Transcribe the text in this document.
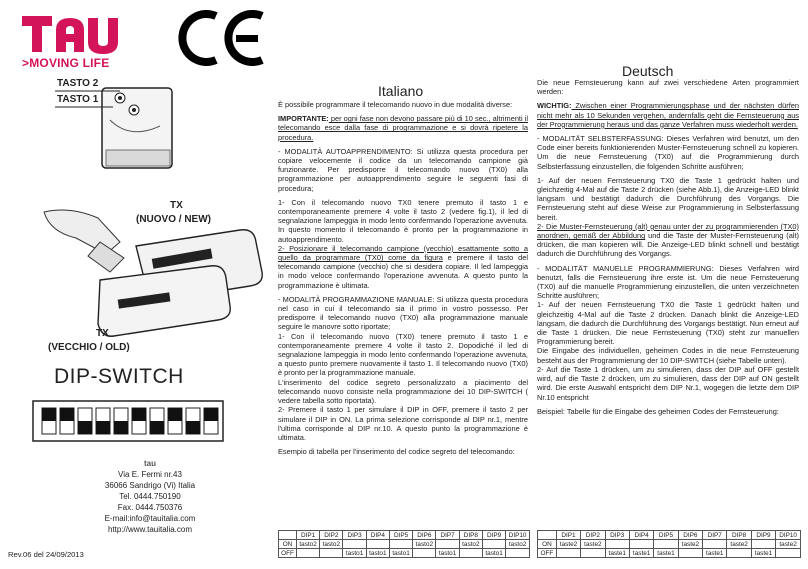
>MOVING LIFE
TASTO 2
TASTO 1
TX
(NUOVO / NEW)
TX
(VECCHIO / OLD)
DIP-SWITCH
tau
Via E. Fermi nr.43
36066 Sandrigo (Vi) Italia
Tel. 0444.750190
Fax. 0444.750376
E-mail:info@tauitalia.com
http://www.tauitalia.com
Rev.06 del 24/09/2013
Italiano

È possibile programmare il telecomando nuovo in due modalità diverse:

IMPORTANTE: per ogni fase non devono passare più di 10 sec., altrimenti il telecomando esce dalla fase di programmazione e si dovrà ripetere la procedura.

- MODALITÀ AUTOAPPRENDIMENTO: Si utilizza questa procedura per copiare velocemente il codice da un telecomando campione già funzionante. Per predisporre il telecomando nuovo (TX0) alla programmazione per autoapprendimento seguire le seguenti fasi di procedura;

1- Con il telecomando nuovo TX0 tenere premuto il tasto 1 e contemporaneamente premere 4 volte il tasto 2 (vedere fig.1), il led di segnalazione lampeggia in modo lento confermando l'operazione avvenuta. In questo momento il telecomando è pronto per la programmazione in autoapprendimento.

2- Posizionare il telecomando campione (vecchio) esattamente sotto a quello da programmare (TX0) come da figura e premere il tasto del telecomando campione (vecchio) che si desidera copiare. Il led lampeggia in modo veloce confermando l'operazione avvenuta. A questo punto la programmazione è ultimata.

- MODALITÀ PROGRAMMAZIONE MANUALE: Si utilizza questa procedura nel caso in cui il telecomando sia il primo in vostro possesso. Per predisporre il telecomando nuovo (TX0) alla programmazione manuale seguire le manovre sotto riportate;

1- Con il telecomando nuovo (TX0) tenere premuto il tasto 1 e contemporaneamente premere 4 volte il tasto 2. Dopodiché il led di segnalazione lampeggia in modo lento confermando l'operazione avvenuta, a questo punto premere nuovamente il tasto 1. Il telecomando nuovo (TX0) è pronto per la programmazione manuale.

L'inserimento del codice segreto personalizzato a piacimento del telecomando nuovo consiste nella programmazione dei 10 DIP-SWITCH ( vedere tabella sotto riportata).

2- Premere il tasto 1 per simulare il DIP in OFF, premere il tasto 2 per simulare il DIP in ON. La prima selezione corrisponde al DIP nr.1, mentre l'ultima corrisponde al DIP nr.10. A questo punto la programmazione è ultimata.

Esempio di tabella per l'inserimento del codice segreto del telecomando:

	DIP1	DIP2	DIP3	DIP4	DIP5	DIP6	DIP7	DIP8	DIP9	DIP10
ON	tasto2	tasto2				tasto2		tasto2		tasto2
OFF			tasto1	tasto1	tasto1		tasto1		tasto1	
Deutsch

Die neue Fernsteuerung kann auf zwei verschiedene Arten programmiert werden:

WICHTIG: Zwischen einer Programmierungsphase und der nächsten dürfen nicht mehr als 10 Sekunden vergehen, andernfalls geht die Fernsteuerung aus der Programmierung heraus und das ganze Verfahren muss wiederholt werden.

- MODALITÄT SELBSTERFASSUNG: Dieses Verfahren wird benutzt, um den Code einer bereits funktionierenden Muster-Fernsteuerung schnell zu kopieren. Um die neue Fernsteuerung (TX0) auf die Programmierung durch Selbsterfassung einzustellen, die folgenden Schritte ausführen;

1- Auf der neuen Fernsteuerung TX0 die Taste 1 gedrückt halten und gleichzeitig 4-Mal auf die Taste 2 drücken (siehe Abb.1), die Anzeige-LED blinkt langsam und bestätigt dadurch die Durchführung des Vorgangs. Die Fernsteuerung steht auf diese Weise zur Programmierung in Selbsterfassung bereit.

2- Die Muster-Fernsteuerung (alt) genau unter der zu programmierenden (TX0) anordnen, gemäß der Abbildung und die Taste der Muster-Fernsteuerung (alt) drücken, die man kopieren will. Die Anzeige-LED blinkt schnell und bestätigt dadurch die Durchführung des Vorgangs.

- MODALITÄT MANUELLE PROGRAMMIERUNG: Dieses Verfahren wird benutzt, falls die Fernsteuerung ihre erste ist. Um die neue Fernsteuerung (TX0) auf die manuelle Programmierung einzustellen, die unten verzeichneten Schritte ausführen;

1- Auf der neuen Fernsteuerung TX0 die Taste 1 gedrückt halten und gleichzeitig 4-Mal auf die Taste 2 drücken. Danach blinkt die Anzeige-LED langsam, die dadurch die Durchführung des Vorgangs bestätigt. Nun erneut auf die Taste 1 drücken. Die neue Fernsteuerung (TX0) steht zur manuellen Programmierung bereit.

Die Eingabe des individuellen, geheimen Codes in die neue Fernsteuerung besteht aus der Programmierung der 10 DIP-SWITCH (siehe Tabelle unten).

2- Auf die Taste 1 drücken, um zu simulieren, dass der DIP auf OFF gestellt wird, auf die Taste 2 drücken, um zu simulieren, dass der DIP auf ON gestellt wird. Die erste Auswahl entspricht dem DIP Nr.1, wogegen die letzte dem DIP Nr.10 entspricht

Beispiel: Tabelle für die Eingabe des geheimen Codes der Fernsteuerung:

	DIP1	DIP2	DIP3	DIP4	DIP5	DIP6	DIP7	DIP8	DIP9	DIP10
ON	taste2	taste2				taste2		taste2		taste2
OFF			taste1	taste1	taste1		taste1		taste1	
